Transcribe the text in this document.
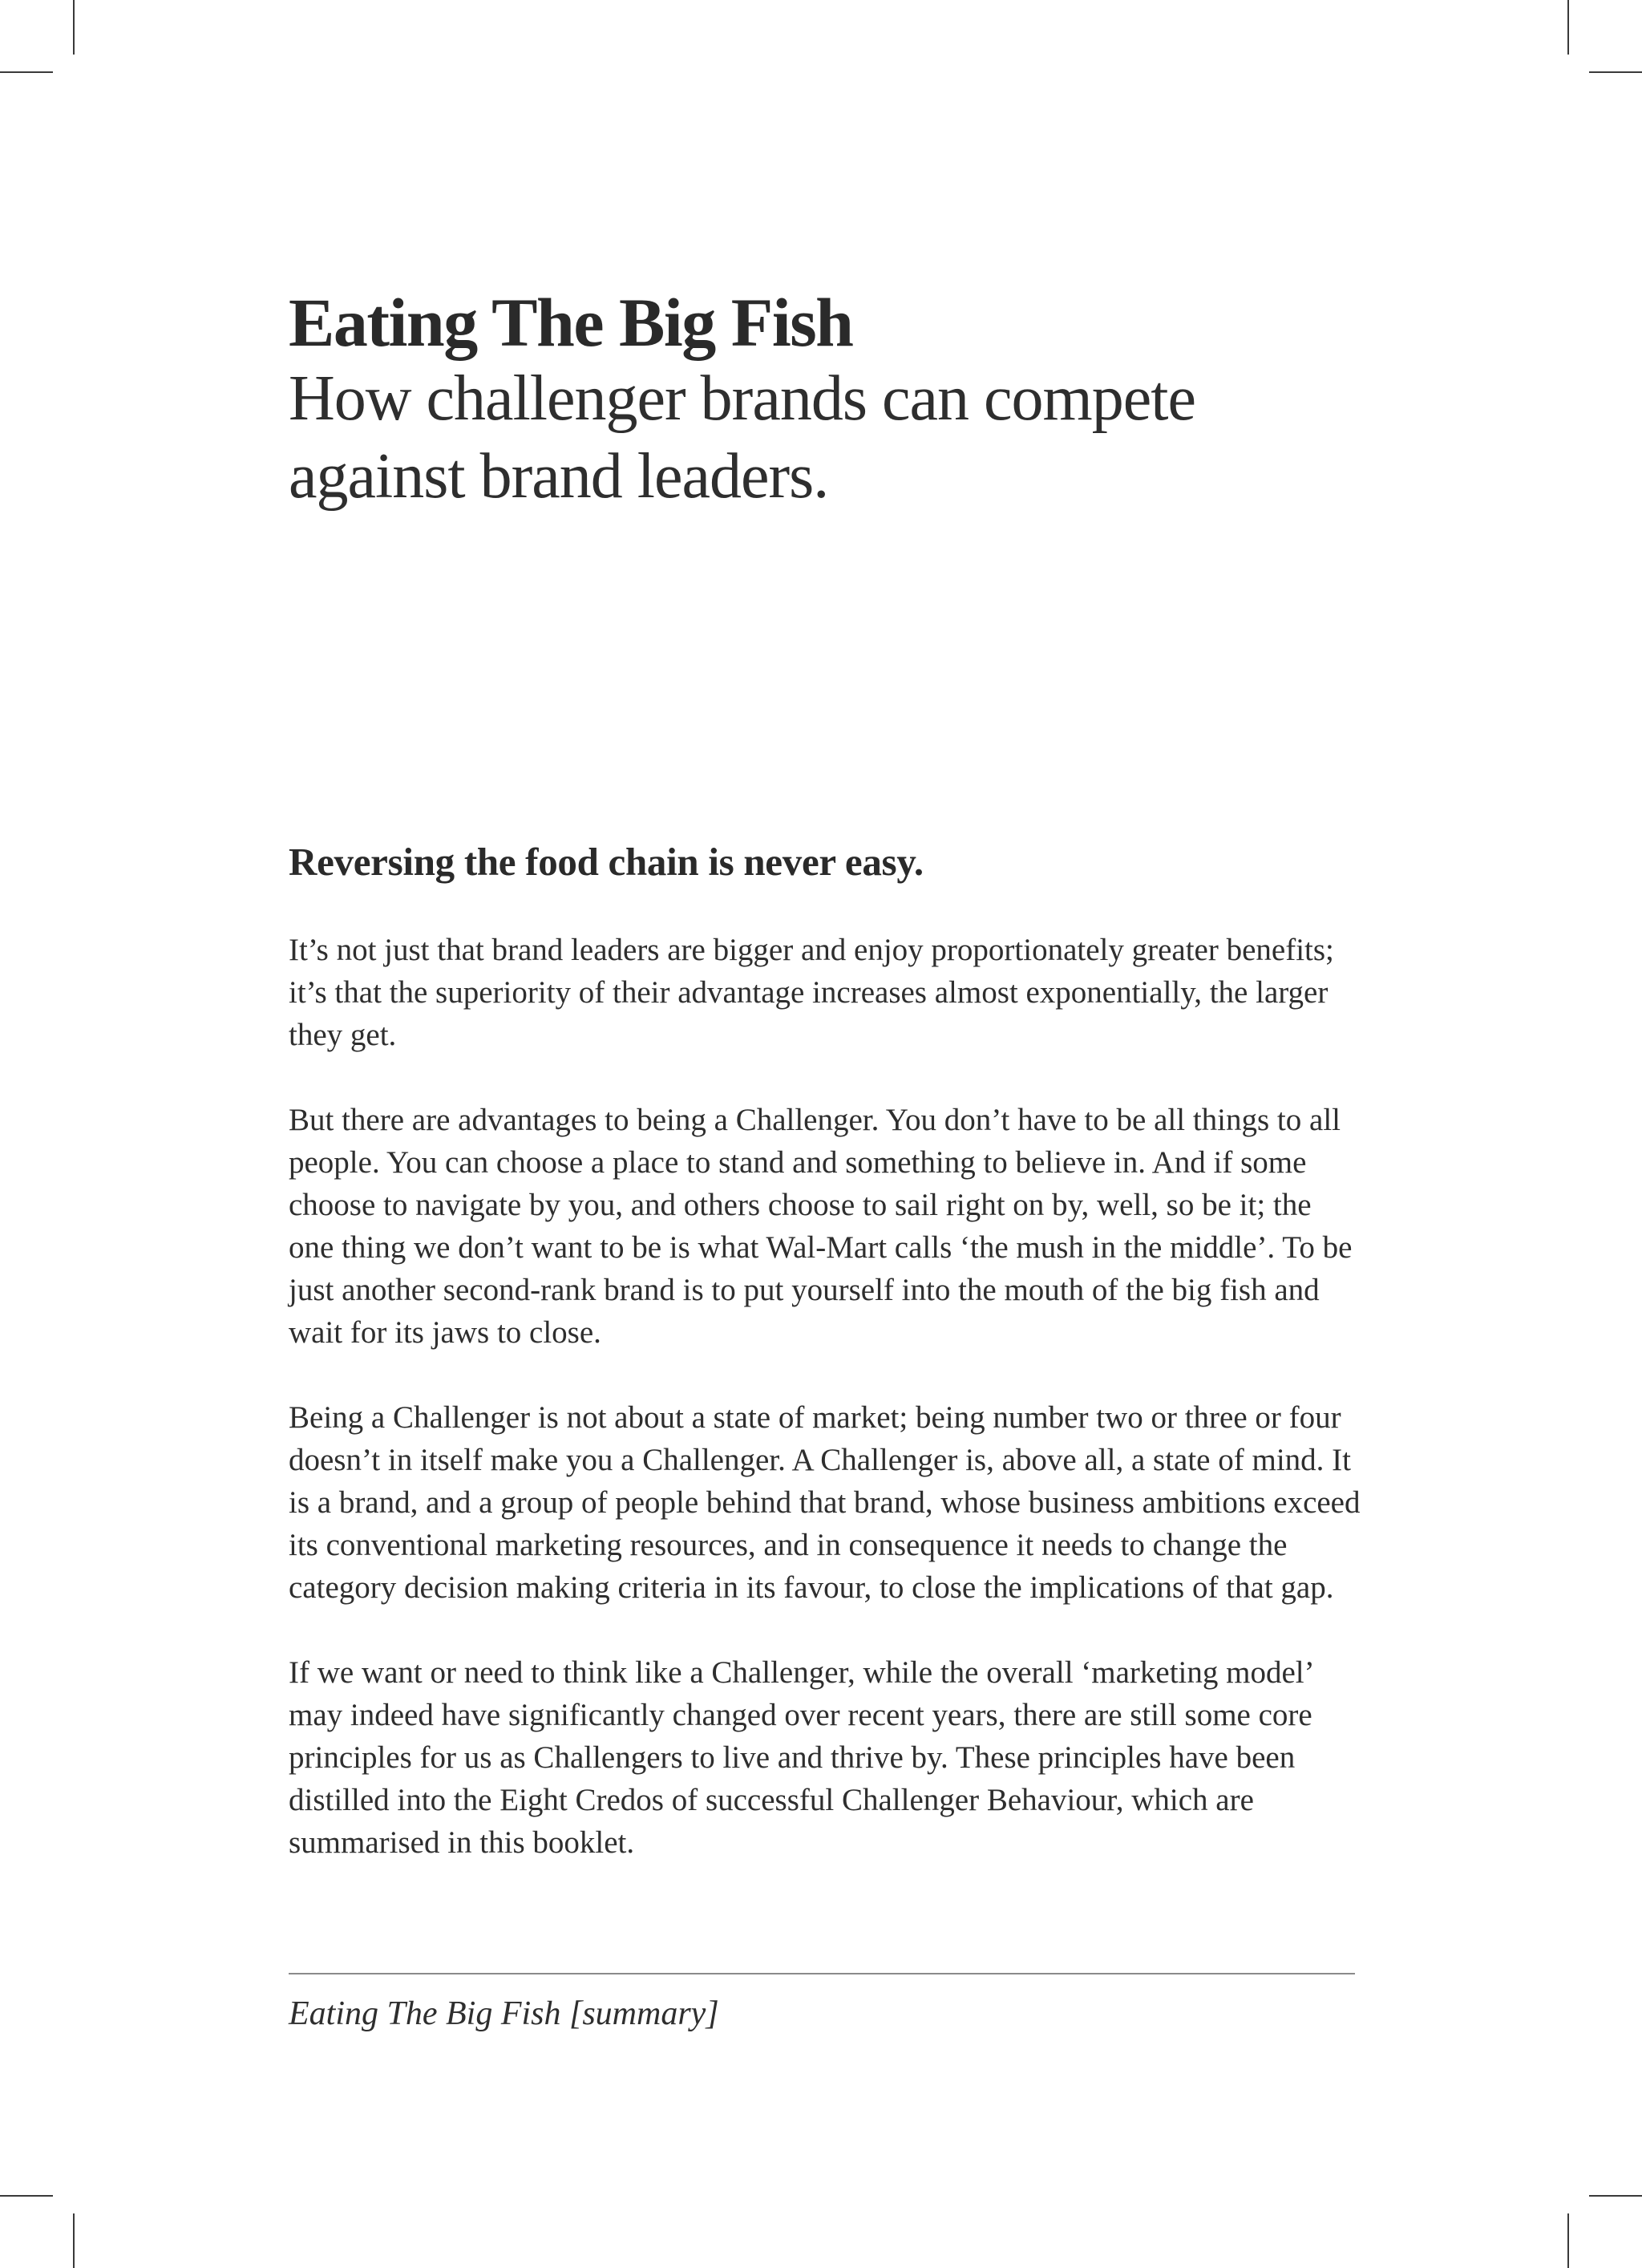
Eating The Big Fish
How challenger brands can compete against brand leaders.
Reversing the food chain is never easy.

It’s not just that brand leaders are bigger and enjoy proportionately greater benefits; it’s that the superiority of their advantage increases almost exponentially, the larger they get.

But there are advantages to being a Challenger. You don’t have to be all things to all people. You can choose a place to stand and something to believe in. And if some choose to navigate by you, and others choose to sail right on by, well, so be it; the one thing we don’t want to be is what Wal-Mart calls ‘the mush in the middle’. To be just another second-rank brand is to put yourself into the mouth of the big fish and wait for its jaws to close.

Being a Challenger is not about a state of market; being number two or three or four doesn’t in itself make you a Challenger. A Challenger is, above all, a state of mind. It is a brand, and a group of people behind that brand, whose business ambitions exceed its conventional marketing resources, and in consequence it needs to change the category decision making criteria in its favour, to close the implications of that gap.

If we want or need to think like a Challenger, while the overall ‘marketing model’ may indeed have significantly changed over recent years, there are still some core principles for us as Challengers to live and thrive by. These principles have been distilled into the Eight Credos of successful Challenger Behaviour, which are summarised in this booklet.

Eating The Big Fish [summary]
